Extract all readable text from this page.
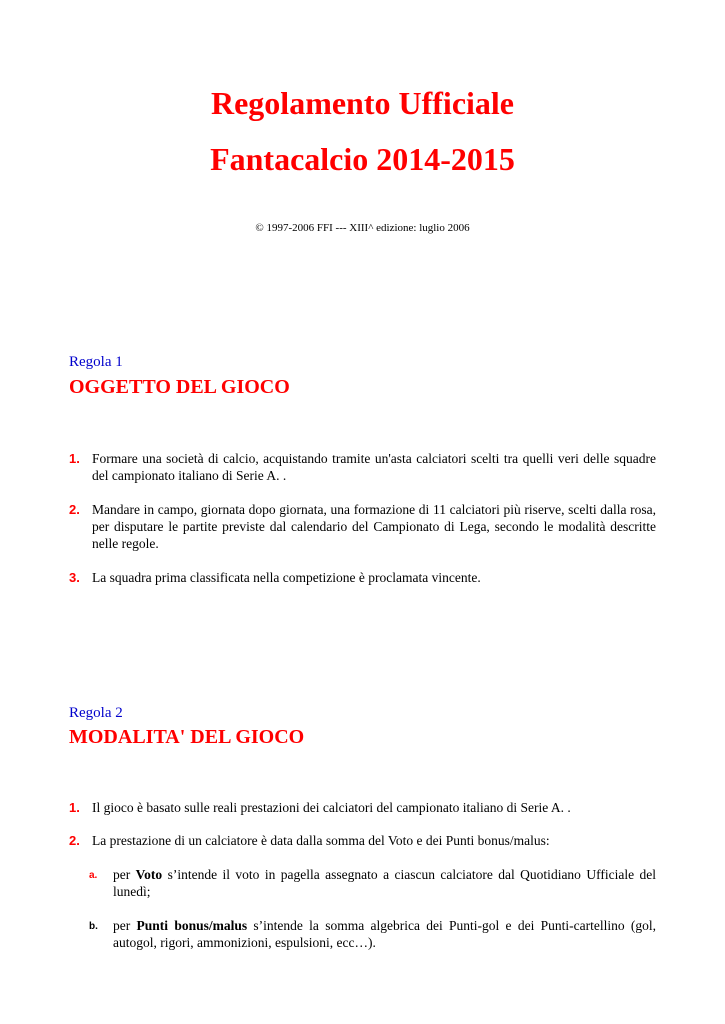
Regolamento Ufficiale
Fantacalcio 2014-2015
© 1997-2006 FFI --- XIII^ edizione: luglio 2006
Regola 1
OGGETTO DEL GIOCO
1. Formare una società di calcio, acquistando tramite un'asta calciatori scelti tra quelli veri delle squadre del campionato italiano di Serie A. .
2. Mandare in campo, giornata dopo giornata, una formazione di 11 calciatori più riserve, scelti dalla rosa, per disputare le partite previste dal calendario del Campionato di Lega, secondo le modalità descritte nelle regole.
3. La squadra prima classificata nella competizione è proclamata vincente.
Regola 2
MODALITA' DEL GIOCO
1. Il gioco è basato sulle reali prestazioni dei calciatori del campionato italiano di Serie A. .
2. La prestazione di un calciatore è data dalla somma del Voto e dei Punti bonus/malus:
a. per Voto s’intende il voto in pagella assegnato a ciascun calciatore dal Quotidiano Ufficiale del lunedì;
b. per Punti bonus/malus s’intende la somma algebrica dei Punti-gol e dei Punti-cartellino (gol, autogol, rigori, ammonizioni, espulsioni, ecc…).
